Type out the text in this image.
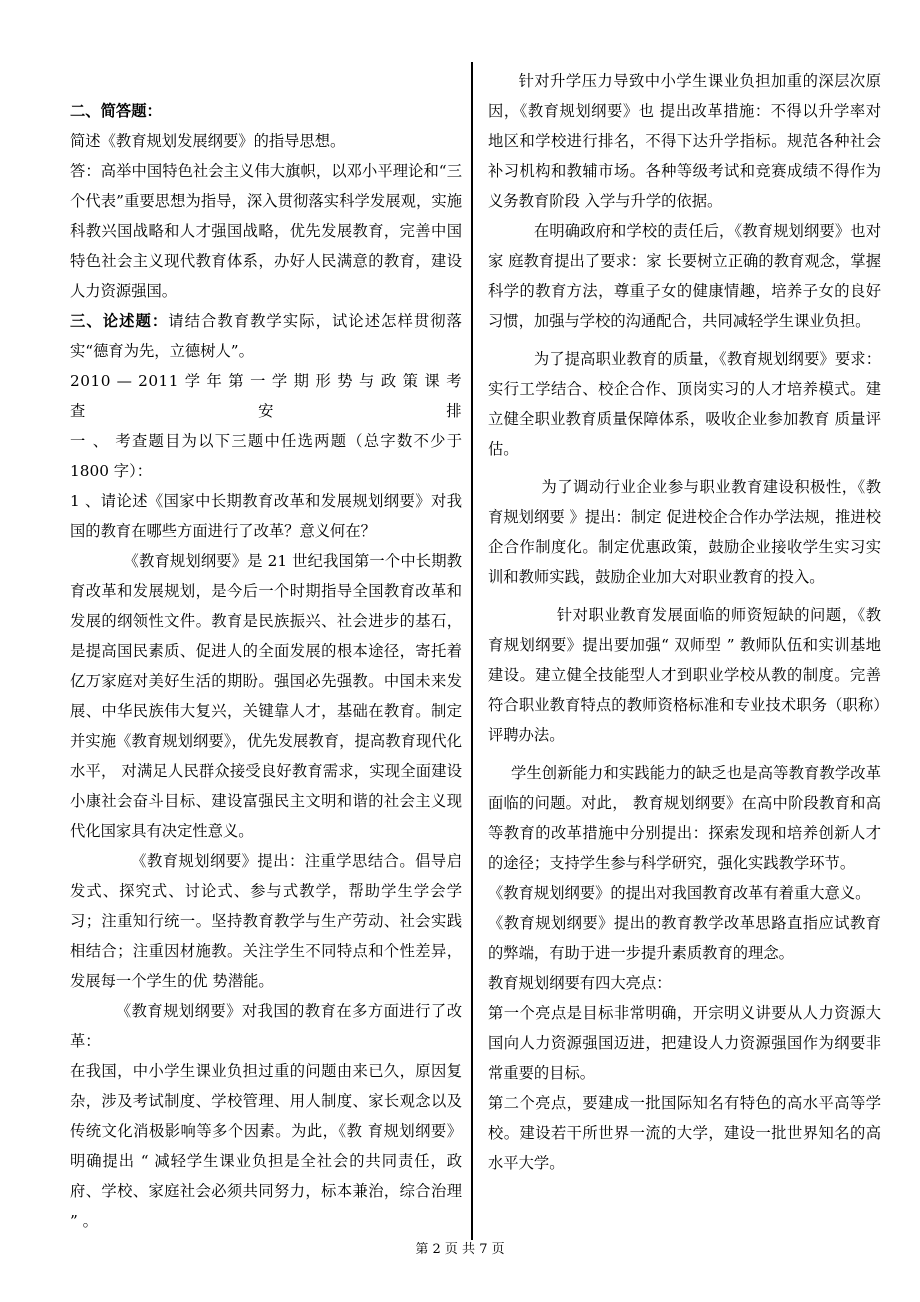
二、简答题：

简述《教育规划发展纲要》的指导思想。

答：高举中国特色社会主义伟大旗帜，以邓小平理论和“三个代表”重要思想为指导，深入贯彻落实科学发展观，实施科教兴国战略和人才强国战略，优先发展教育，完善中国特色社会主义现代教育体系，办好人民满意的教育，建设人力资源强国。

三、论述题：请结合教育教学实际，试论述怎样贯彻落实“德育为先，立德树人”。

2010 — 2011 学 年 第 一 学 期 形 势 与 政 策 课 考 查 安 排

一 、 考查题目为以下三题中任选两题（总字数不少于 1800 字）：

1 、请论述《国家中长期教育改革和发展规划纲要》对我国的教育在哪些方面进行了改革？意义何在？

《教育规划纲要》是 21 世纪我国第一个中长期教育改革和发展规划，是今后一个时期指导全国教育改革和发展的纲领性文件。教育是民族振兴、社会进步的基石，是提高国民素质、促进人的全面发展的根本途径，寄托着亿万家庭对美好生活的期盼。强国必先强教。中国未来发展、中华民族伟大复兴，关键靠人才，基础在教育。制定并实施《教育规划纲要》，优先发展教育，提高教育现代化水平， 对满足人民群众接受良好教育需求，实现全面建设小康社会奋斗目标、建设富强民主文明和谐的社会主义现代化国家具有决定性意义。

《教育规划纲要》提出：注重学思结合。倡导启发式、探究式、讨论式、参与式教学，帮助学生学会学习；注重知行统一。坚持教育教学与生产劳动、社会实践相结合；注重因材施教。关注学生不同特点和个性差异，发展每一个学生的优 势潜能。

《教育规划纲要》对我国的教育在多方面进行了改革：

在我国，中小学生课业负担过重的问题由来已久，原因复杂，涉及考试制度、学校管理、用人制度、家长观念以及传统文化消极影响等多个因素。为此，《教 育规划纲要》明确提出 “ 减轻学生课业负担是全社会的共同责任，政府、学校、家庭社会必须共同努力，标本兼治，综合治理 ” 。

针对升学压力导致中小学生课业负担加重的深层次原因，《教育规划纲要》也 提出改革措施：不得以升学率对地区和学校进行排名，不得下达升学指标。规范各种社会补习机构和教辅市场。各种等级考试和竞赛成绩不得作为义务教育阶段 入学与升学的依据。

在明确政府和学校的责任后，《教育规划纲要》也对家 庭教育提出了要求：家 长要树立正确的教育观念，掌握科学的教育方法，尊重子女的健康情趣，培养子女的良好习惯，加强与学校的沟通配合，共同减轻学生课业负担。

为了提高职业教育的质量，《教育规划纲要》要求：实行工学结合、校企合作、顶岗实习的人才培养模式。建立健全职业教育质量保障体系，吸收企业参加教育 质量评估。

为了调动行业企业参与职业教育建设积极性，《教育规划纲要 》提出：制定 促进校企合作办学法规，推进校企合作制度化。制定优惠政策，鼓励企业接收学生实习实训和教师实践，鼓励企业加大对职业教育的投入。

针对职业教育发展面临的师资短缺的问题，《教育规划纲要》提出要加强“ 双师型 ” 教师队伍和实训基地建设。建立健全技能型人才到职业学校从教的制度。完善符合职业教育特点的教师资格标准和专业技术职务（职称）评聘办法。

学生创新能力和实践能力的缺乏也是高等教育教学改革面临的问题。对此， 教育规划纲要》在高中阶段教育和高等教育的改革措施中分别提出：探索发现和培养创新人才的途径；支持学生参与科学研究，强化实践教学环节。

《教育规划纲要》的提出对我国教育改革有着重大意义。

《教育规划纲要》提出的教育教学改革思路直指应试教育的弊端，有助于进一步提升素质教育的理念。

教育规划纲要有四大亮点：

第一个亮点是目标非常明确，开宗明义讲要从人力资源大国向人力资源强国迈进，把建设人力资源强国作为纲要非常重要的目标。

第二个亮点，要建成一批国际知名有特色的高水平高等学校。建设若干所世界一流的大学，建设一批世界知名的高水平大学。

第 2 页 共 7 页
